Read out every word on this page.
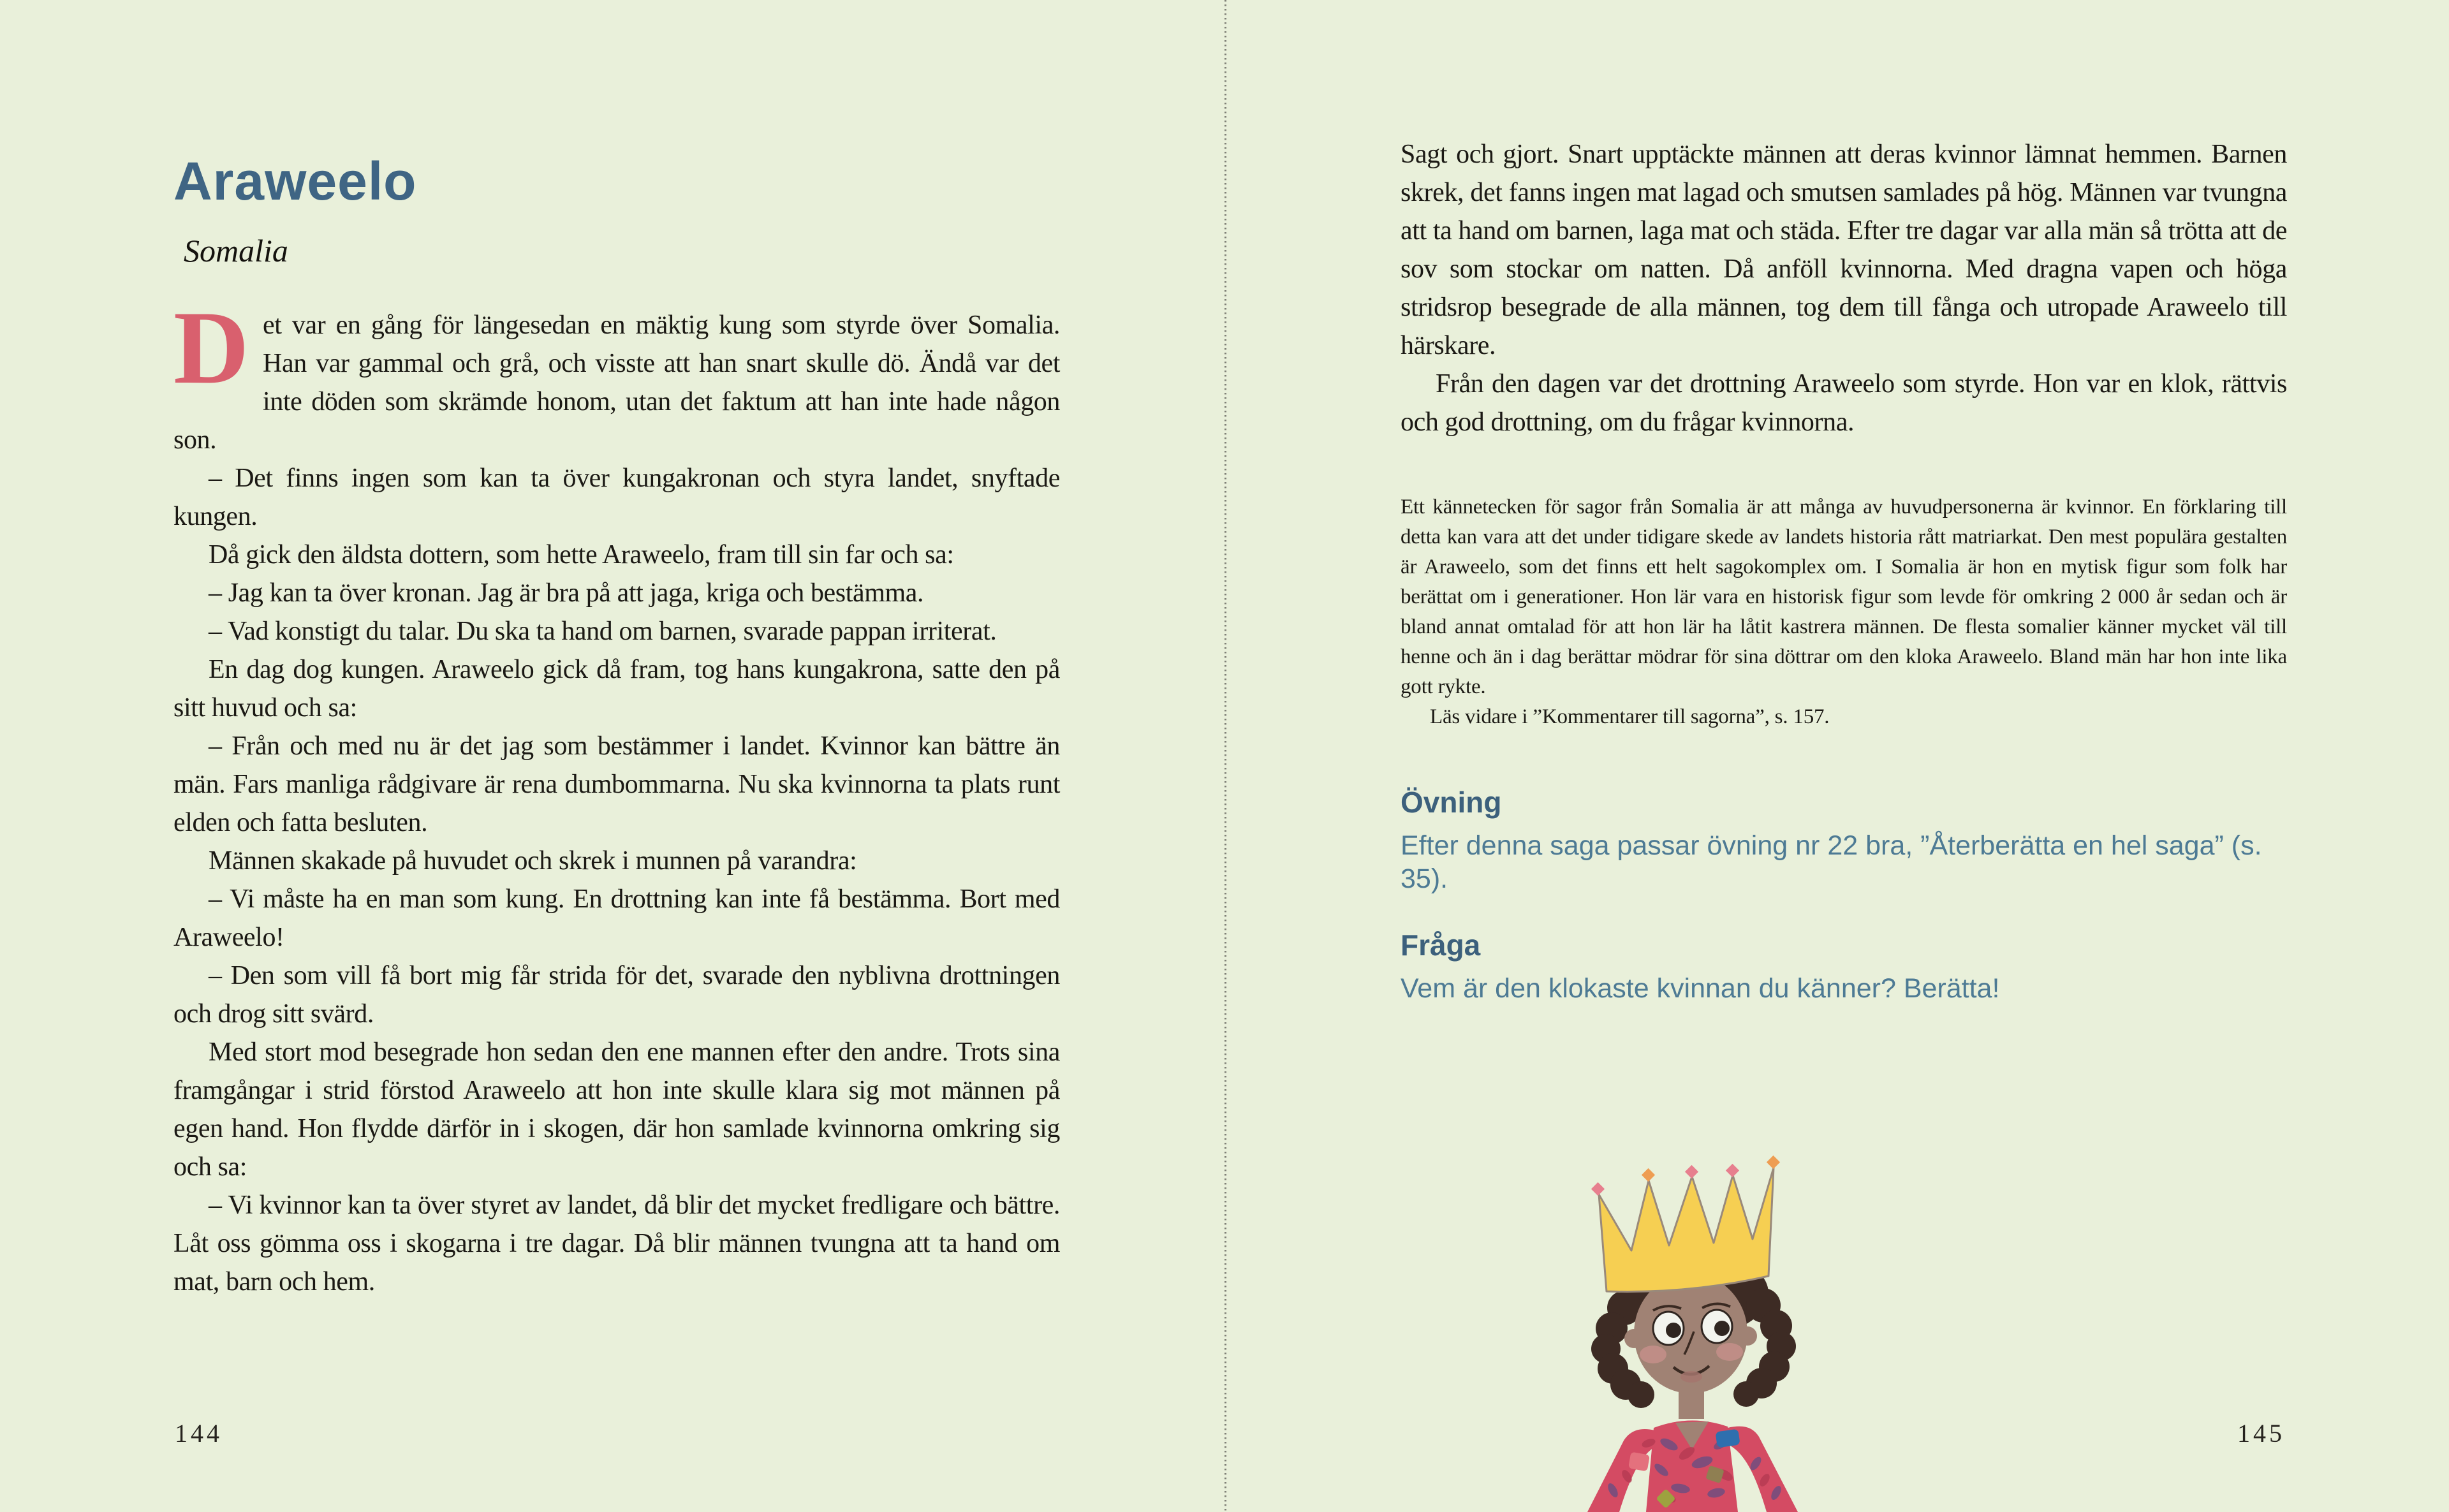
Araweelo
Somalia

Det var en gång för längesedan en mäktig kung som styrde över Somalia. Han var gammal och grå, och visste att han snart skulle dö. Ändå var det inte döden som skrämde honom, utan det faktum att han inte hade någon son.

– Det finns ingen som kan ta över kungakronan och styra landet, snyftade kungen.

Då gick den äldsta dottern, som hette Araweelo, fram till sin far och sa:

– Jag kan ta över kronan. Jag är bra på att jaga, kriga och bestämma.

– Vad konstigt du talar. Du ska ta hand om barnen, svarade pappan irriterat.

En dag dog kungen. Araweelo gick då fram, tog hans kungakrona, satte den på sitt huvud och sa:

– Från och med nu är det jag som bestämmer i landet. Kvinnor kan bättre än män. Fars manliga rådgivare är rena dumbommarna. Nu ska kvinnorna ta plats runt elden och fatta besluten.

Männen skakade på huvudet och skrek i munnen på varandra:

– Vi måste ha en man som kung. En drottning kan inte få bestämma. Bort med Araweelo!

– Den som vill få bort mig får strida för det, svarade den nyblivna drottningen och drog sitt svärd.

Med stort mod besegrade hon sedan den ene mannen efter den andre. Trots sina framgångar i strid förstod Araweelo att hon inte skulle klara sig mot männen på egen hand. Hon flydde därför in i skogen, där hon samlade kvinnorna omkring sig och sa:

– Vi kvinnor kan ta över styret av landet, då blir det mycket fredligare och bättre. Låt oss gömma oss i skogarna i tre dagar. Då blir männen tvungna att ta hand om mat, barn och hem.

144

Sagt och gjort. Snart upptäckte männen att deras kvinnor lämnat hemmen. Barnen skrek, det fanns ingen mat lagad och smutsen samlades på hög. Männen var tvungna att ta hand om barnen, laga mat och städa. Efter tre dagar var alla män så trötta att de sov som stockar om natten. Då anföll kvinnorna. Med dragna vapen och höga stridsrop besegrade de alla männen, tog dem till fånga och utropade Araweelo till härskare.

Från den dagen var det drottning Araweelo som styrde. Hon var en klok, rättvis och god drottning, om du frågar kvinnorna.

Ett kännetecken för sagor från Somalia är att många av huvudpersonerna är kvinnor. En förklaring till detta kan vara att det under tidigare skede av landets historia rått matriarkat. Den mest populära gestalten är Araweelo, som det finns ett helt sagokomplex om. I Somalia är hon en mytisk figur som folk har berättat om i generationer. Hon lär vara en historisk figur som levde för omkring 2 000 år sedan och är bland annat omtalad för att hon lär ha låtit kastrera männen. De flesta somalier känner mycket väl till henne och än i dag berättar mödrar för sina döttrar om den kloka Araweelo. Bland män har hon inte lika gott rykte.

Läs vidare i ”Kommentarer till sagorna”, s. 157.

Övning

Efter denna saga passar övning nr 22 bra, ”Återberätta en hel saga” (s. 35).

Fråga

Vem är den klokaste kvinnan du känner? Berätta!

145
